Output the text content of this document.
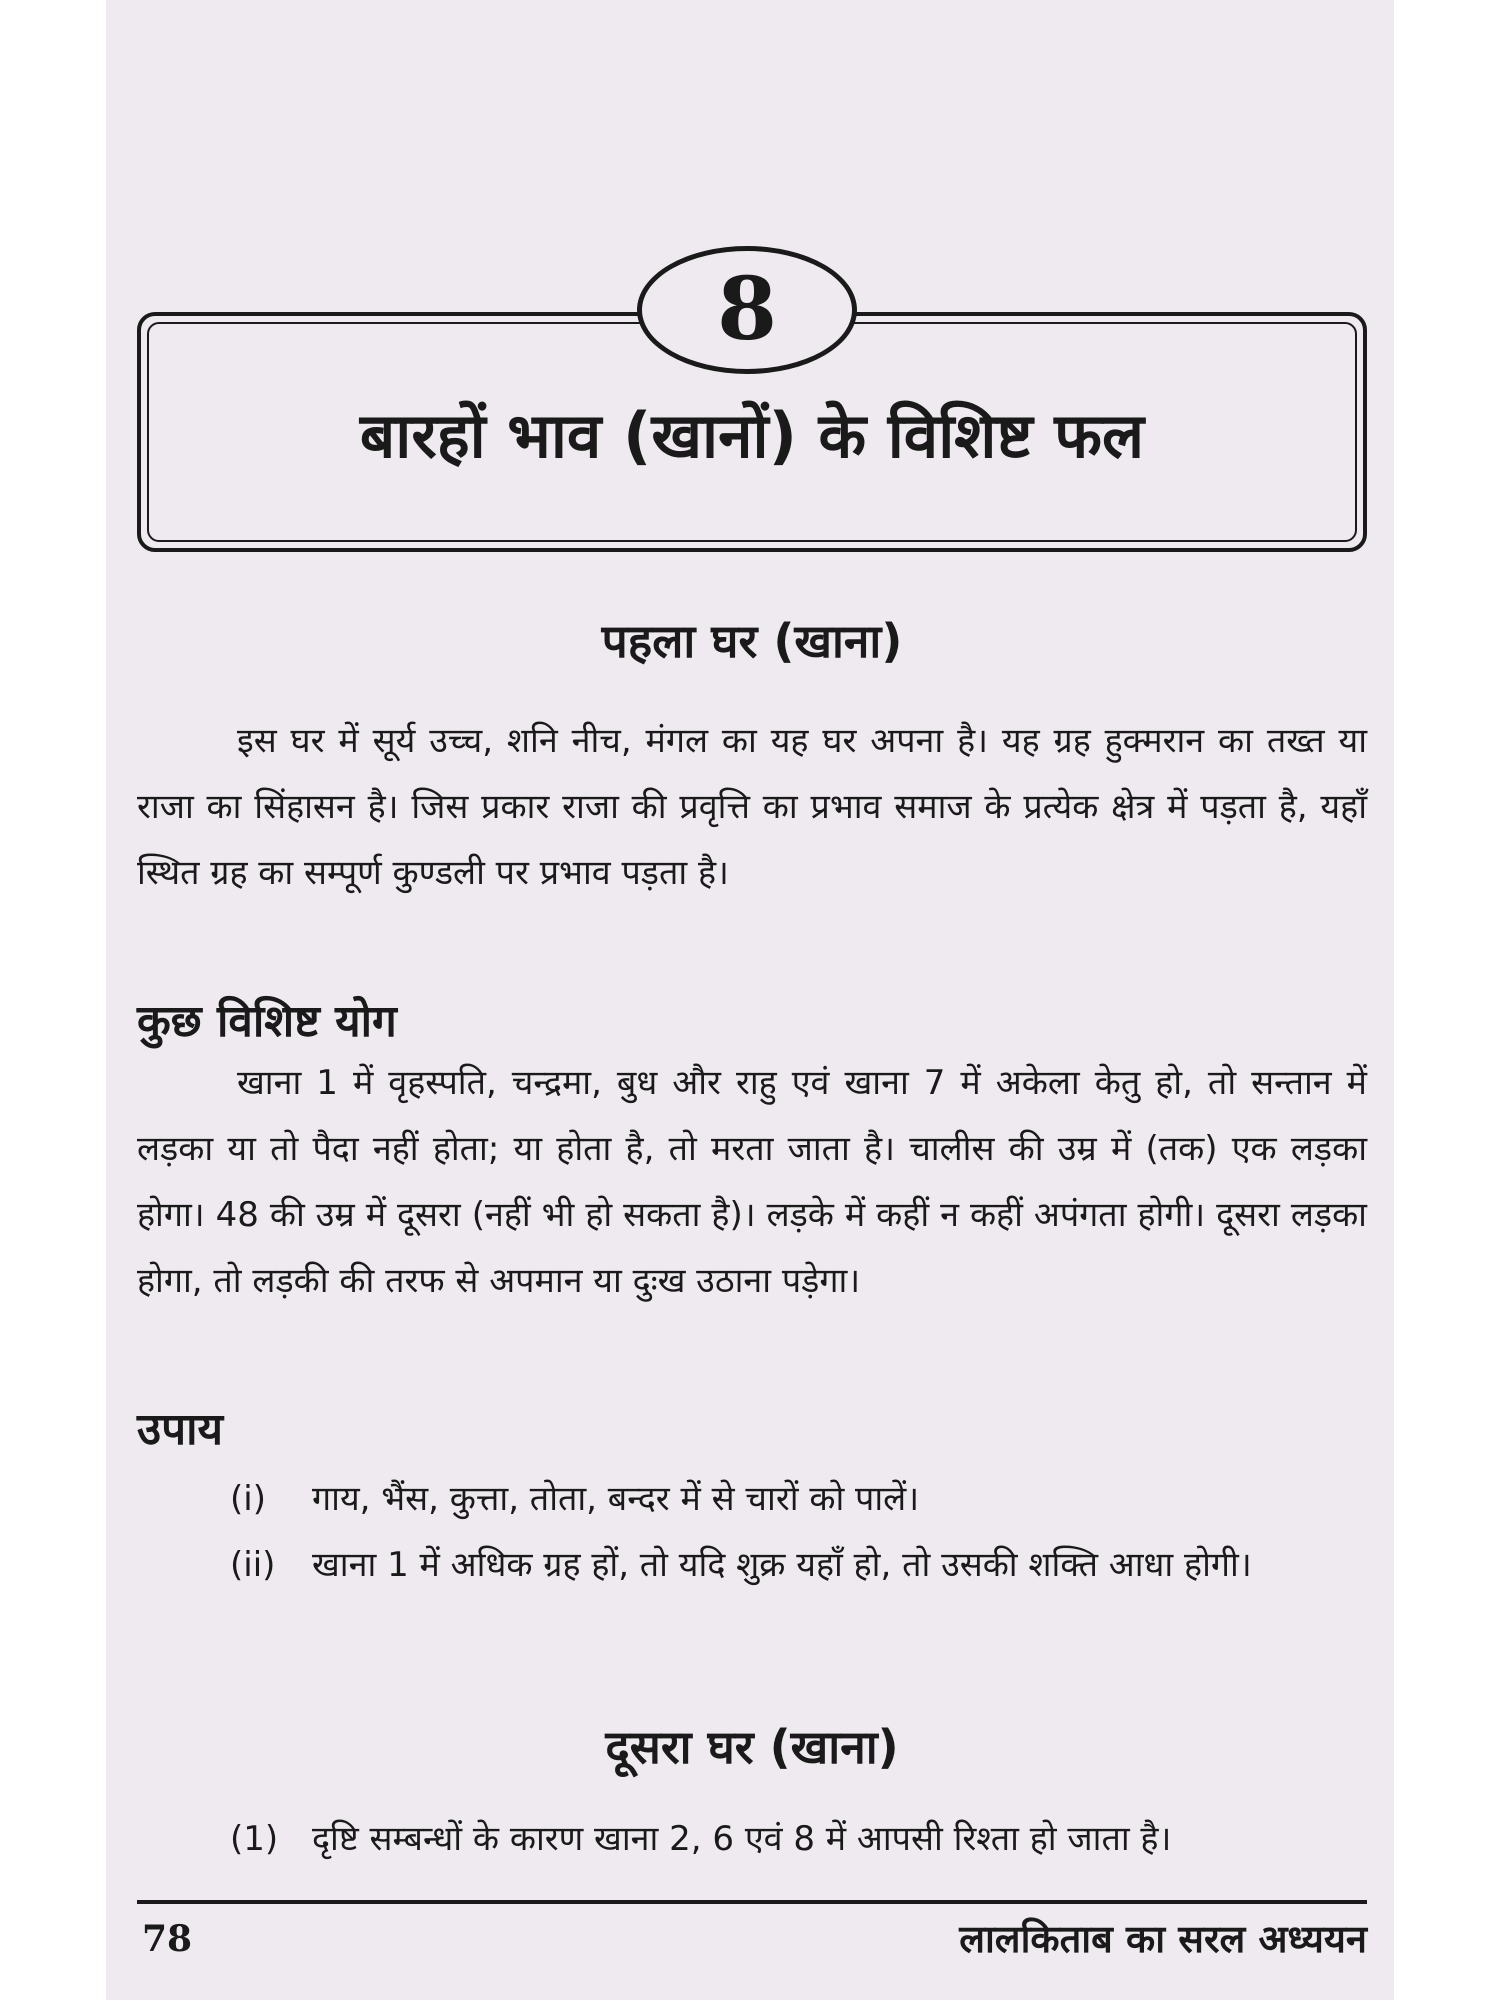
8
बारहों भाव (खानों) के विशिष्ट फल
पहला घर (खाना)

इस घर में सूर्य उच्च, शनि नीच, मंगल का यह घर अपना है। यह ग्रह हुक्मरान का तख्त या राजा का सिंहासन है। जिस प्रकार राजा की प्रवृत्ति का प्रभाव समाज के प्रत्येक क्षेत्र में पड़ता है, यहाँ स्थित ग्रह का सम्पूर्ण कुण्डली पर प्रभाव पड़ता है।

कुछ विशिष्ट योग

खाना 1 में वृहस्पति, चन्द्रमा, बुध और राहु एवं खाना 7 में अकेला केतु हो, तो सन्तान में लड़का या तो पैदा नहीं होता; या होता है, तो मरता जाता है। चालीस की उम्र में (तक) एक लड़का होगा। 48 की उम्र में दूसरा (नहीं भी हो सकता है)। लड़के में कहीं न कहीं अपंगता होगी। दूसरा लड़का होगा, तो लड़की की तरफ से अपमान या दुःख उठाना पड़ेगा।

उपाय
(i) गाय, भैंस, कुत्ता, तोता, बन्दर में से चारों को पालें।
(ii) खाना 1 में अधिक ग्रह हों, तो यदि शुक्र यहाँ हो, तो उसकी शक्ति आधा होगी।
दूसरा घर (खाना)
(1) दृष्टि सम्बन्धों के कारण खाना 2, 6 एवं 8 में आपसी रिश्ता हो जाता है।
78	लालकिताब का सरल अध्ययन
